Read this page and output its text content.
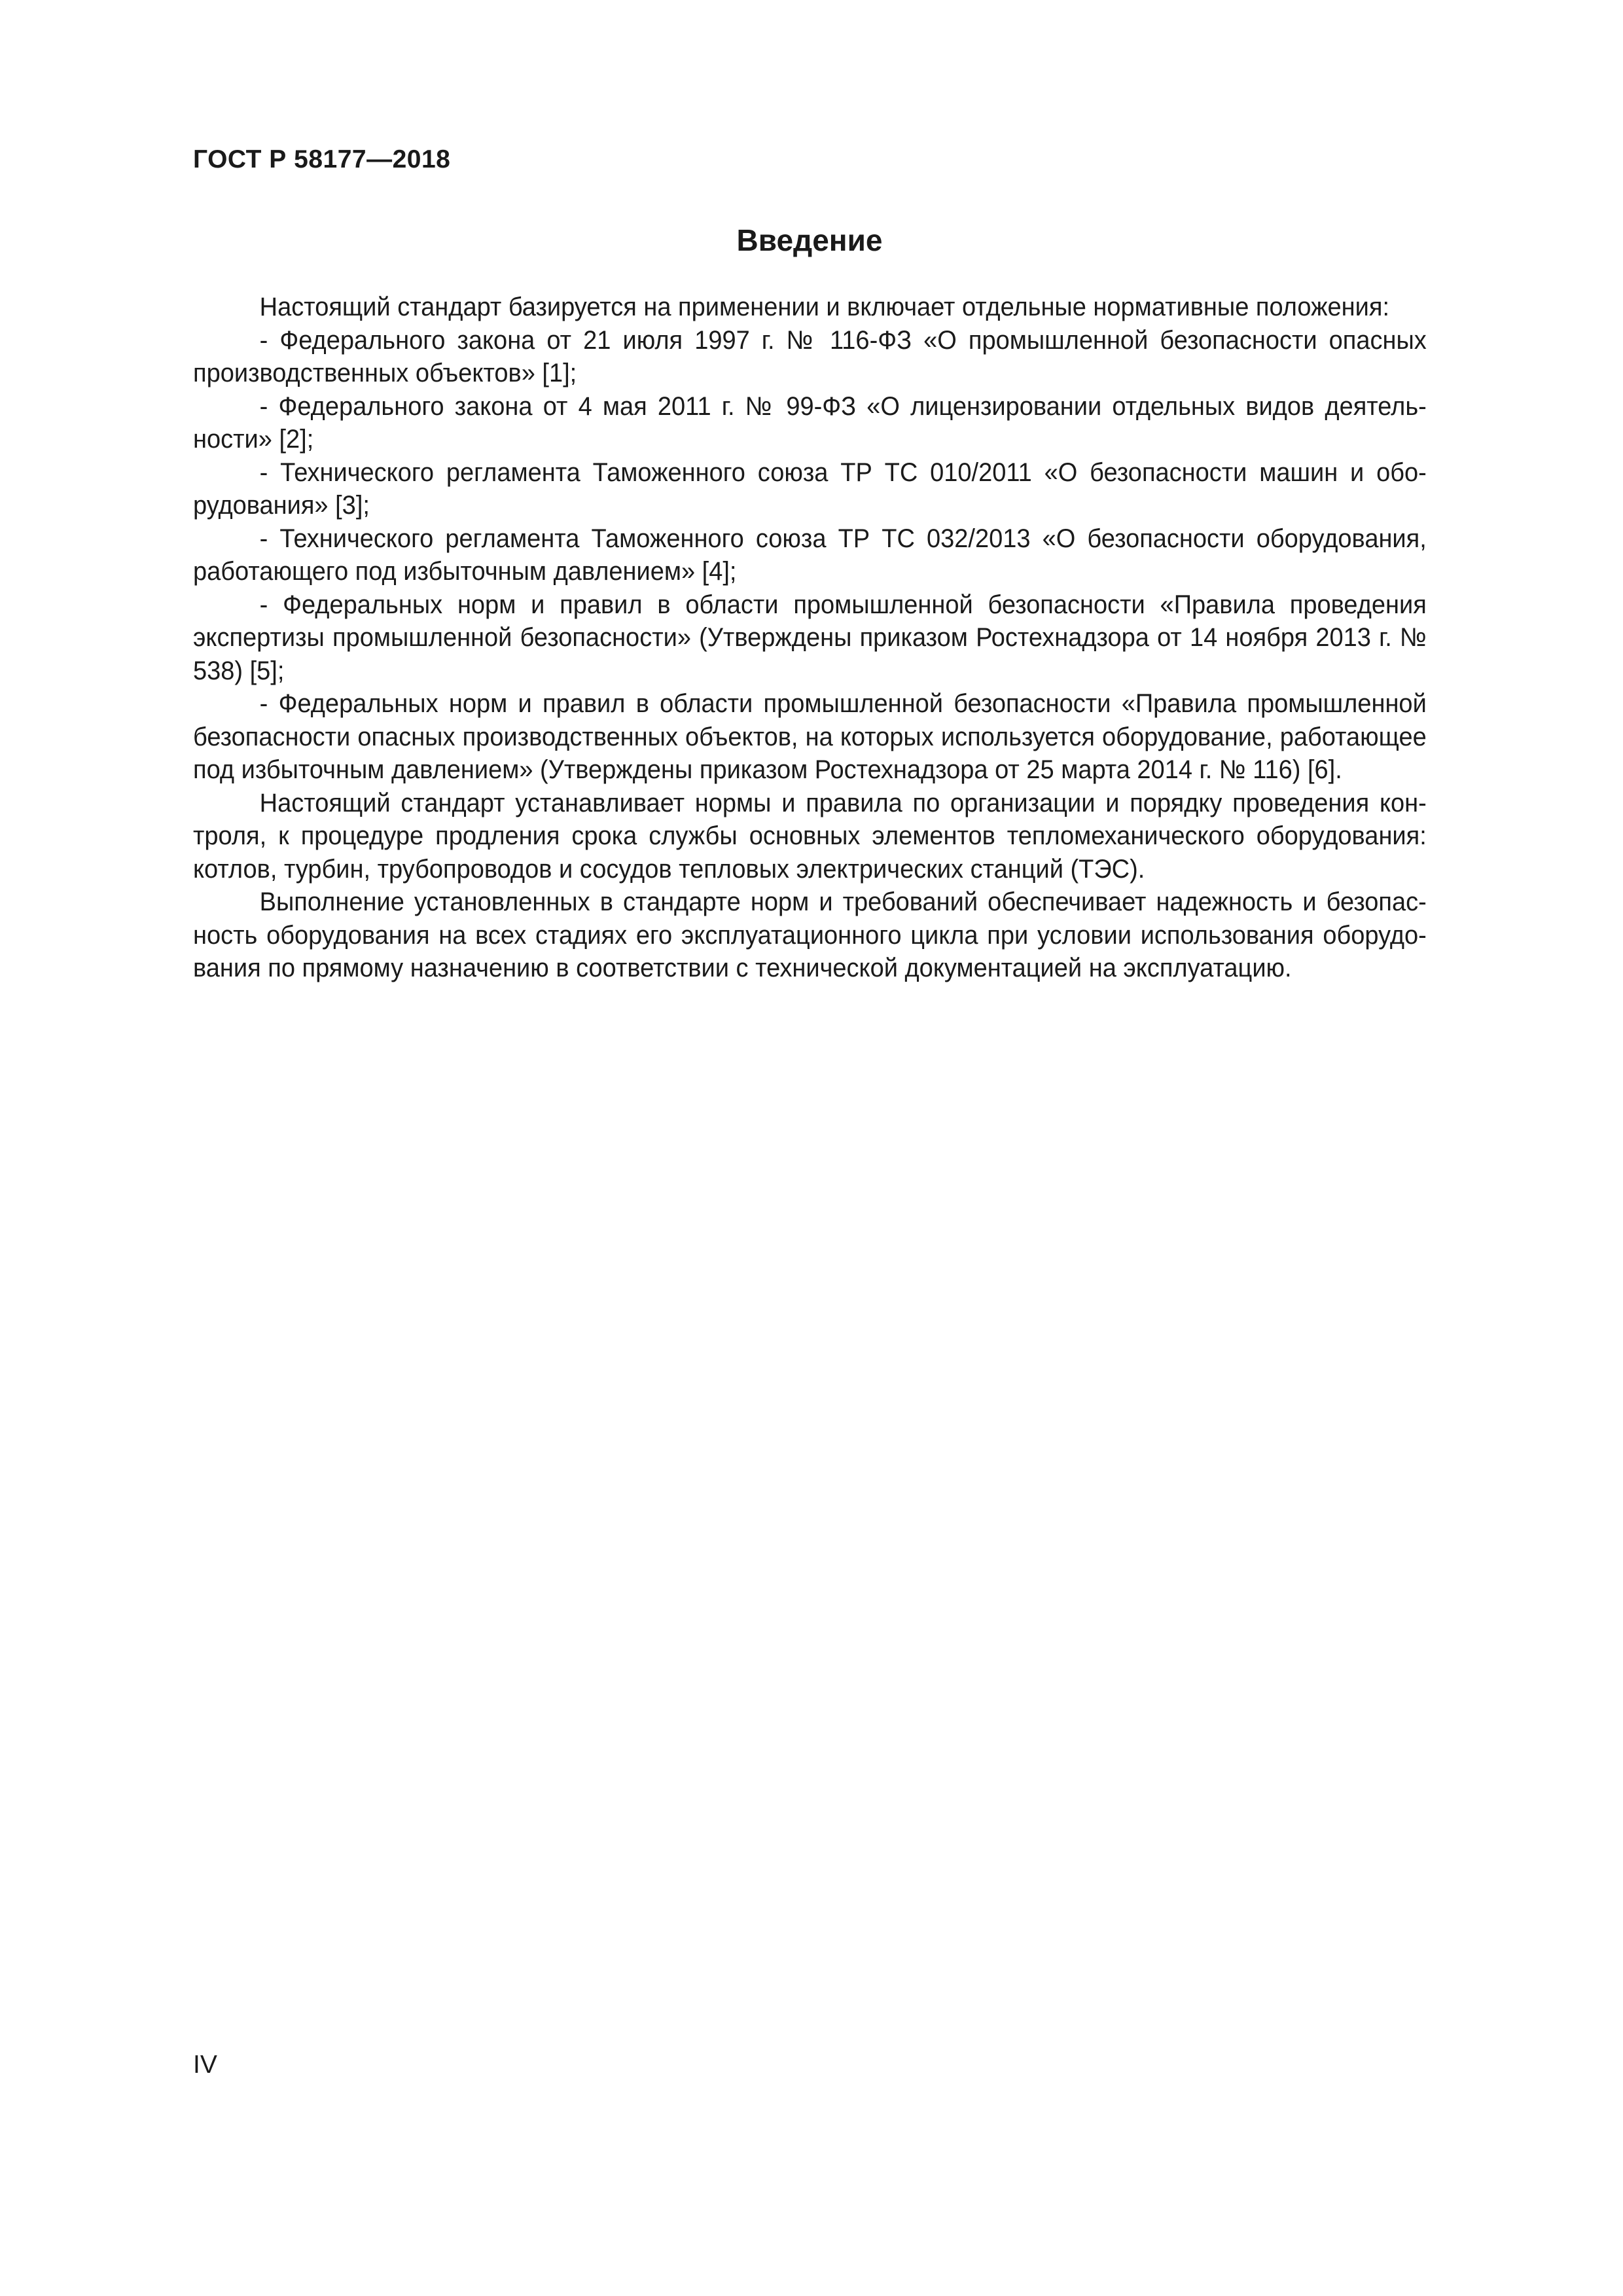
ГОСТ Р 58177—2018

Введение

Настоящий стандарт базируется на применении и включает отдельные нормативные положения:

- Федерального закона от 21 июля 1997 г. № 116-ФЗ «О промышленной безопасности опасных производственных объектов» [1];

- Федерального закона от 4 мая 2011 г. № 99-ФЗ «О лицензировании отдельных видов деятельности» [2];

- Технического регламента Таможенного союза ТР ТС 010/2011 «О безопасности машин и оборудования» [3];

- Технического регламента Таможенного союза ТР ТС 032/2013 «О безопасности оборудования, работающего под избыточным давлением» [4];

- Федеральных норм и правил в области промышленной безопасности «Правила проведения экспертизы промышленной безопасности» (Утверждены приказом Ростехнадзора от 14 ноября 2013 г. № 538) [5];

- Федеральных норм и правил в области промышленной безопасности «Правила промышленной безопасности опасных производственных объектов, на которых используется оборудование, работающее под избыточным давлением» (Утверждены приказом Ростехнадзора от 25 марта 2014 г. № 116) [6].

Настоящий стандарт устанавливает нормы и правила по организации и порядку проведения контроля, к процедуре продления срока службы основных элементов тепломеханического оборудования: котлов, турбин, трубопроводов и сосудов тепловых электрических станций (ТЭС).

Выполнение установленных в стандарте норм и требований обеспечивает надежность и безопасность оборудования на всех стадиях его эксплуатационного цикла при условии использования оборудования по прямому назначению в соответствии с технической документацией на эксплуатацию.

IV
